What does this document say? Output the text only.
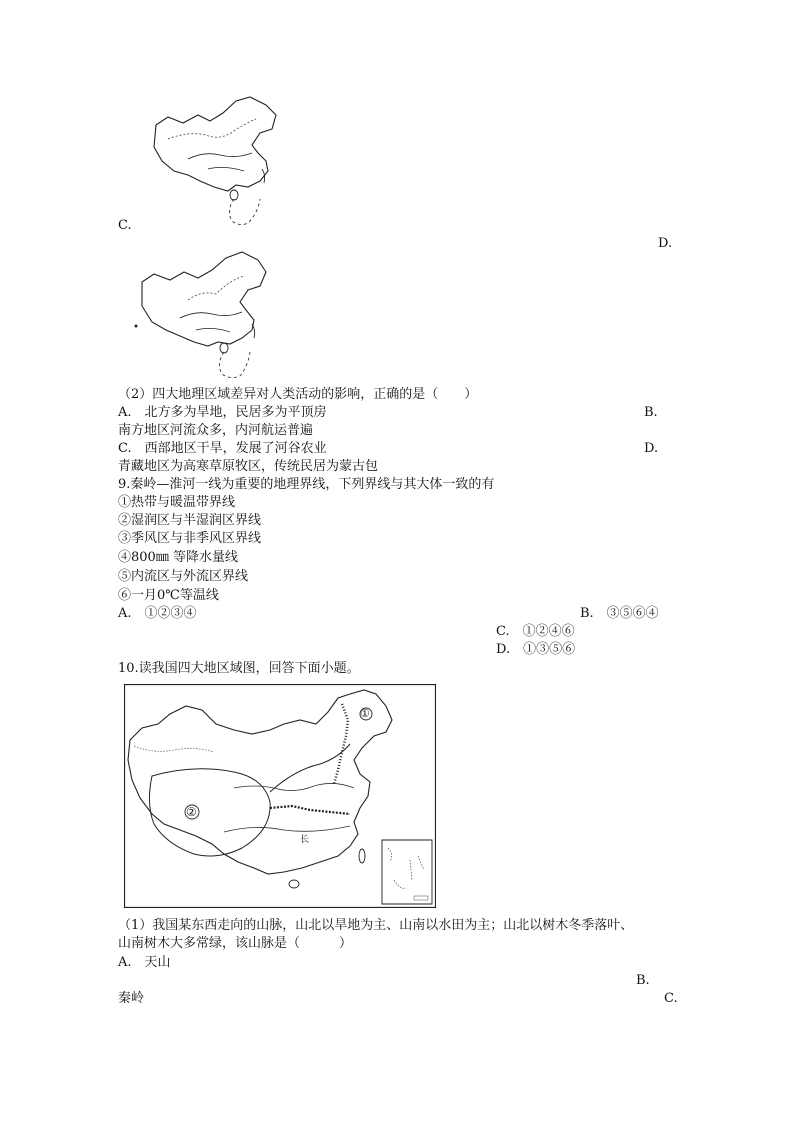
C.
D.
（2）四大地理区域差异对人类活动的影响，正确的是（　　）
A.　北方多为旱地，民居多为平顶房	B.
南方地区河流众多，内河航运普遍
C.　西部地区干旱，发展了河谷农业	D.
青藏地区为高寒草原牧区，传统民居为蒙古包
9.秦岭—淮河一线为重要的地理界线，下列界线与其大体一致的有
①热带与暖温带界线
②湿润区与半湿润区界线
③季风区与非季风区界线
④800㎜ 等降水量线
⑤内流区与外流区界线
⑥一月0℃等温线
A.　①②③④	B.　③⑤⑥④
C.　①②④⑥
D.　①③⑤⑥
10.读我国四大地区域图，回答下面小题。
①
②
长
（1）我国某东西走向的山脉，山北以旱地为主、山南以水田为主；山北以树木冬季落叶、
山南树木大多常绿，该山脉是（　　　）
A.　天山
B.
秦岭	C.
